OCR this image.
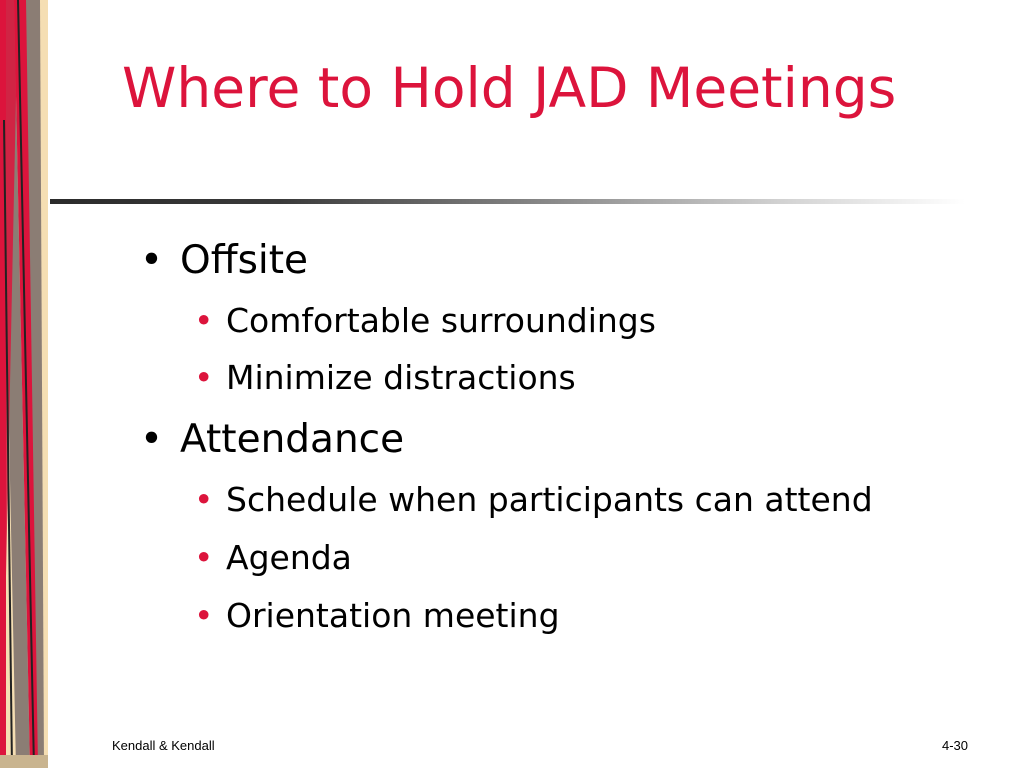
Where to Hold JAD Meetings
• Offsite
• Comfortable surroundings
• Minimize distractions
• Attendance
• Schedule when participants can attend
• Agenda
• Orientation meeting
Kendall & Kendall	4-30
